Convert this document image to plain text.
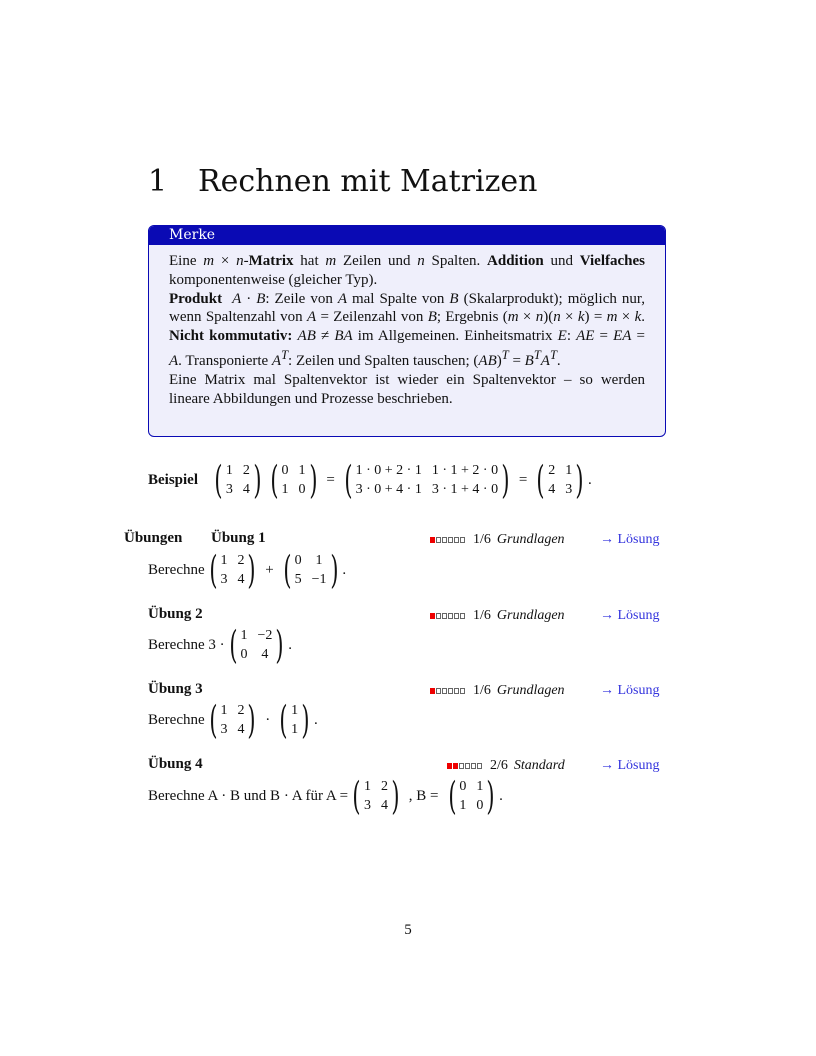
1 Rechnen mit Matrizen
Merke

Eine m × n-Matrix hat m Zeilen und n Spalten. Addition und Vielfaches komponentenweise (gleicher Typ).
Produkt A · B: Zeile von A mal Spalte von B (Skalarprodukt); möglich nur, wenn Spaltenzahl von A = Zeilenzahl von B; Ergebnis (m × n)(n × k) = m × k. Nicht kommutativ: AB ≠ BA im Allgemeinen. Einheitsmatrix E: AE = EA = A. Transponierte $A^T$: Zeilen und Spalten tauschen; $(AB)^T = B^TA^T$.
Eine Matrix mal Spaltenvektor ist wieder ein Spaltenvektor – so werden lineare Abbildungen und Prozesse beschrieben.

Beispiel ( 1 2
3 4 ) ( 0 1
1 0 ) = ( 1 · 0 + 2 · 1 1 · 1 + 2 · 0
3 · 0 + 4 · 1 3 · 1 + 4 · 0 ) = ( 2 1
4 3 ) .
Übungen Übung 1	1/6 Grundlagen	→ Lösung
Berechne ( 1 2
3 4 ) + ( 0 1
5 −1 ) .
Übung 2	1/6 Grundlagen	→ Lösung
Berechne 3 · ( 1 −2
0 4 ) .
Übung 3	1/6 Grundlagen	→ Lösung
Berechne ( 1 2
3 4 ) · ( 1
1 ) .
Übung 4	2/6 Standard	→ Lösung
Berechne A · B und B · A für A = ( 1 2
3 4 ) , B = ( 0 1
1 0 ) .
5
